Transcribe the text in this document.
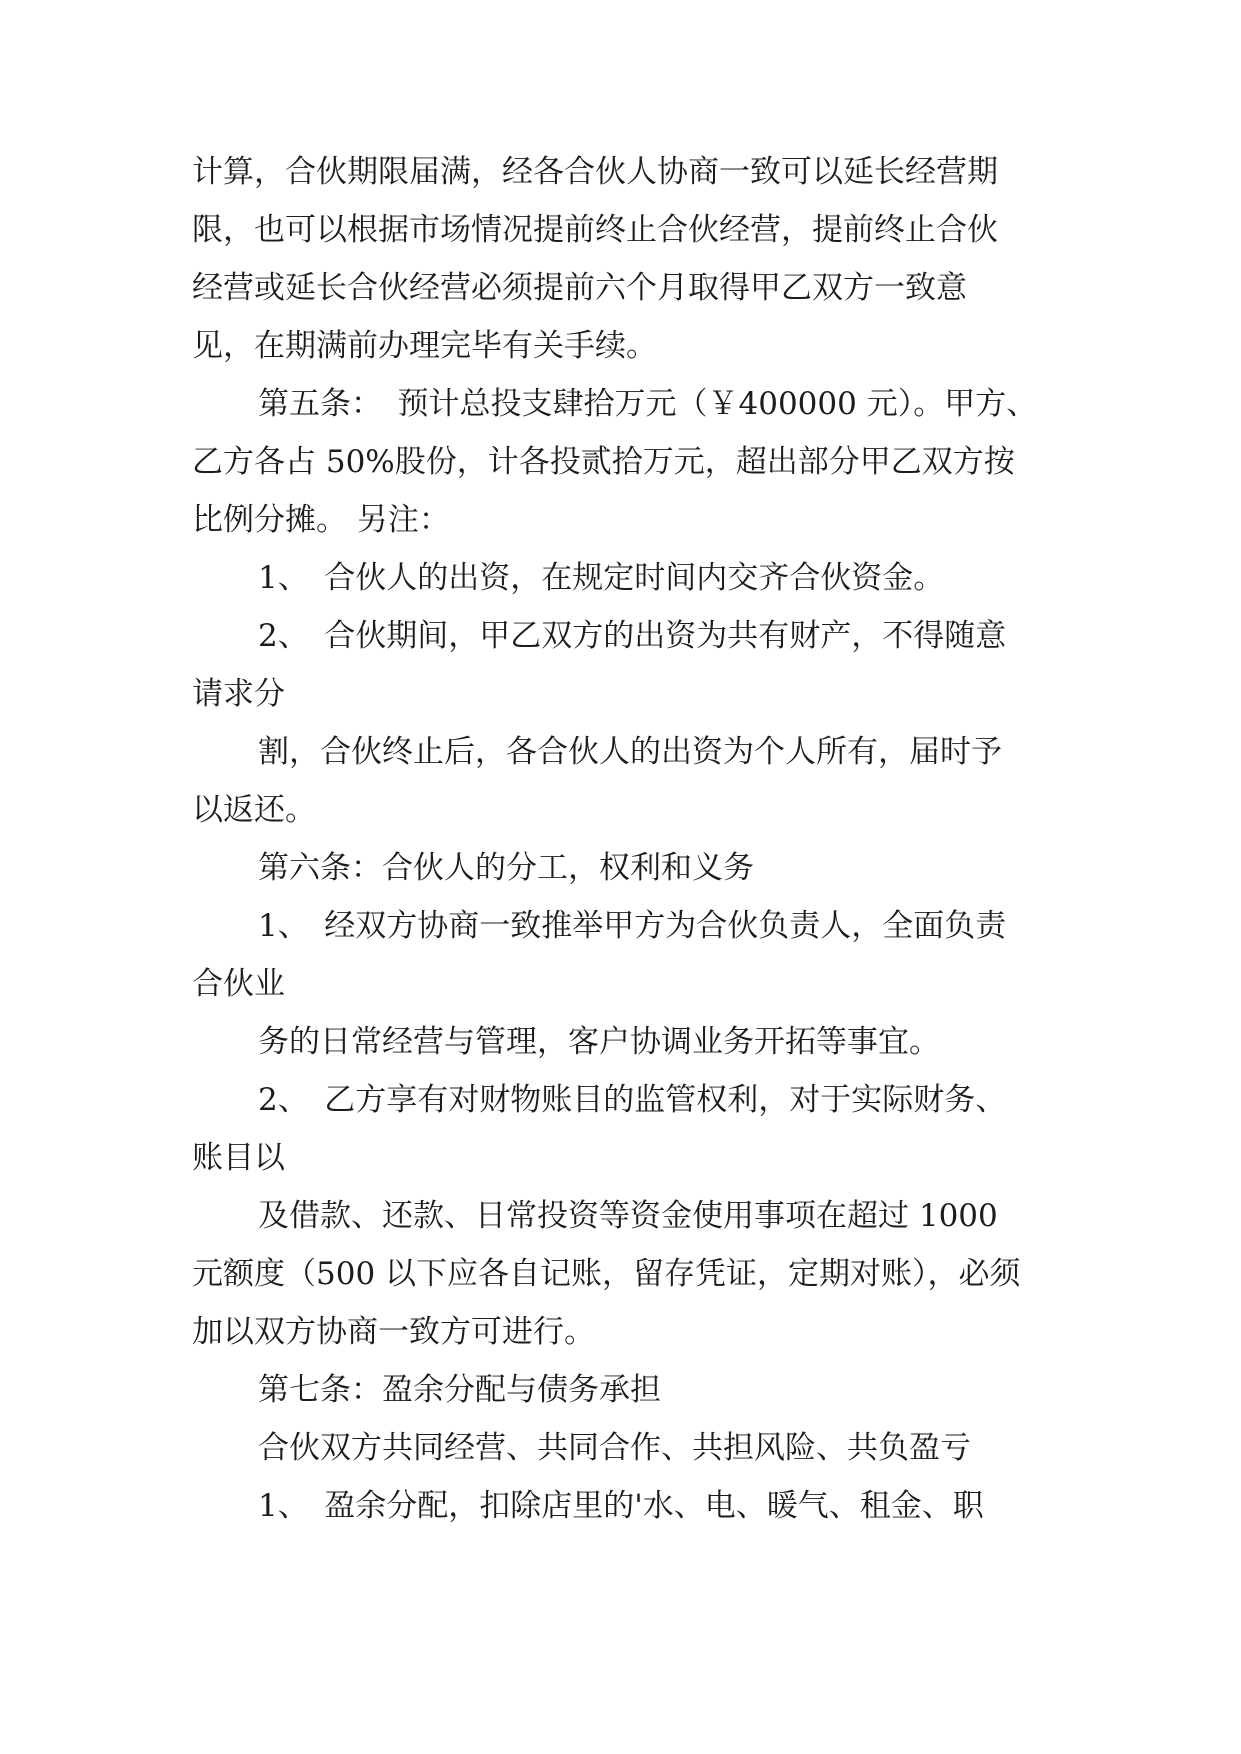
计算，合伙期限届满，经各合伙人协商一致可以延长经营期
限，也可以根据市场情况提前终止合伙经营，提前终止合伙
经营或延长合伙经营必须提前六个月取得甲乙双方一致意
见，在期满前办理完毕有关手续。
第五条：　预计总投支肆拾万元（￥400000 元）。甲方、
乙方各占 50%股份，计各投贰拾万元，超出部分甲乙双方按
比例分摊。 另注：
1、　合伙人的出资，在规定时间内交齐合伙资金。
2、　合伙期间，甲乙双方的出资为共有财产，不得随意
请求分
割，合伙终止后，各合伙人的出资为个人所有，届时予
以返还。
第六条：合伙人的分工，权利和义务
1、　经双方协商一致推举甲方为合伙负责人，全面负责
合伙业
务的日常经营与管理，客户协调业务开拓等事宜。
2、　乙方享有对财物账目的监管权利，对于实际财务、
账目以
及借款、还款、日常投资等资金使用事项在超过 1000
元额度（500 以下应各自记账，留存凭证，定期对账），必须
加以双方协商一致方可进行。
第七条：盈余分配与债务承担
合伙双方共同经营、共同合作、共担风险、共负盈亏
1、　盈余分配，扣除店里的'水、电、暖气、租金、职
